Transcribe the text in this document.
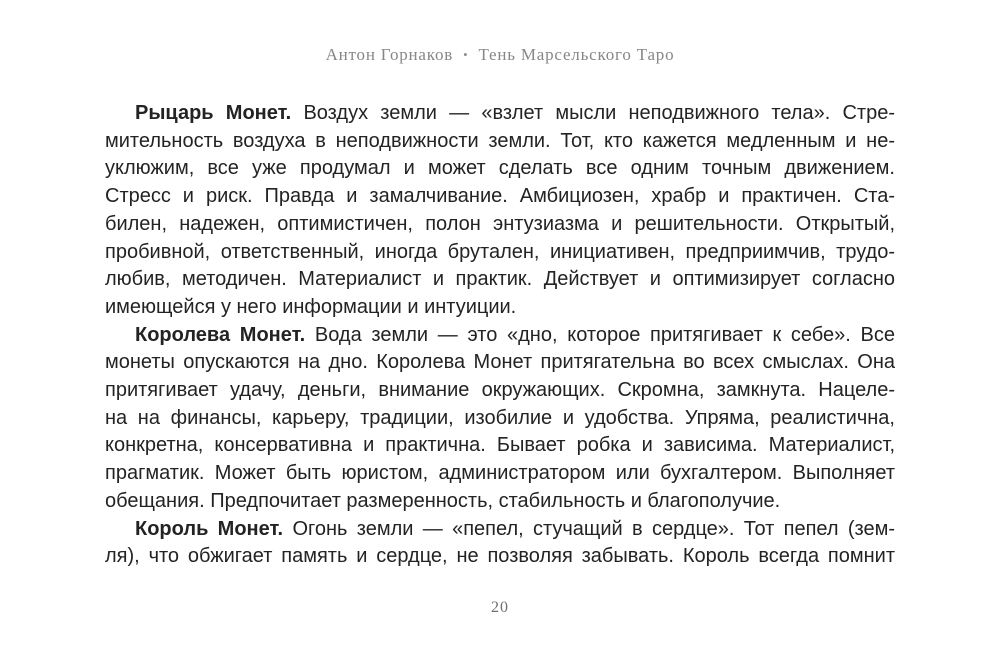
Антон Горнаков • Тень Марсельского Таро
Рыцарь Монет. Воздух земли — «взлет мысли неподвижного тела». Стре-
мительность воздуха в неподвижности земли. Тот, кто кажется медленным и не-
уклюжим, все уже продумал и может сделать все одним точным движением.
Стресс и риск. Правда и замалчивание. Амбициозен, храбр и практичен. Ста-
билен, надежен, оптимистичен, полон энтузиазма и решительности. Открытый,
пробивной, ответственный, иногда брутален, инициативен, предприимчив, трудо-
любив, методичен. Материалист и практик. Действует и оптимизирует согласно
имеющейся у него информации и интуиции.
Королева Монет. Вода земли — это «дно, которое притягивает к себе». Все
монеты опускаются на дно. Королева Монет притягательна во всех смыслах. Она
притягивает удачу, деньги, внимание окружающих. Скромна, замкнута. Нацеле-
на на финансы, карьеру, традиции, изобилие и удобства. Упряма, реалистична,
конкретна, консервативна и практична. Бывает робка и зависима. Материалист,
прагматик. Может быть юристом, администратором или бухгалтером. Выполняет
обещания. Предпочитает размеренность, стабильность и благополучие.
Король Монет. Огонь земли — «пепел, стучащий в сердце». Тот пепел (зем-
ля), что обжигает память и сердце, не позволяя забывать. Король всегда помнит
20
